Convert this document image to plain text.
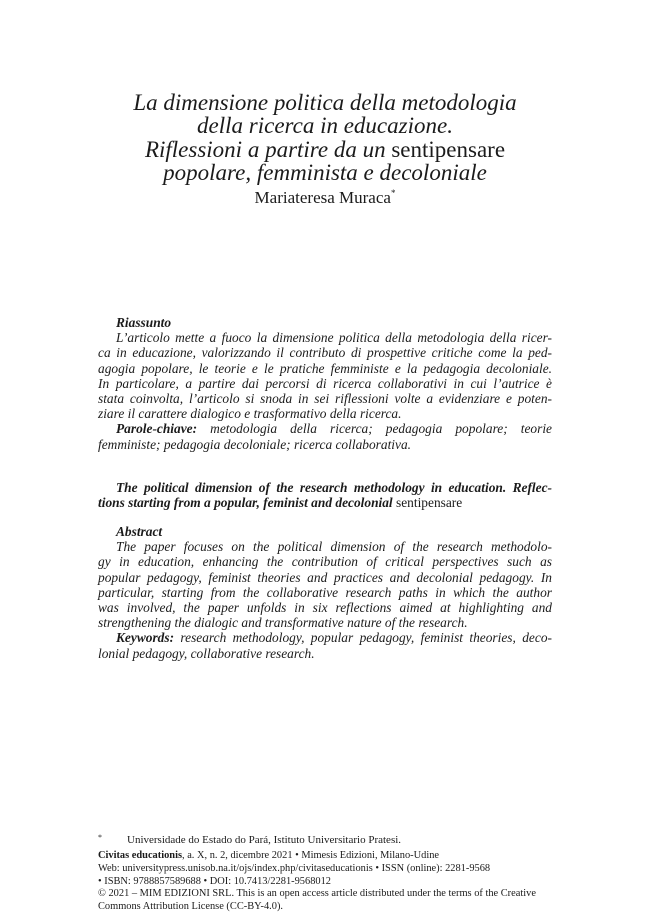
La dimensione politica della metodologia
della ricerca in educazione.
Riflessioni a partire da un sentipensare
popolare, femminista e decoloniale
Mariateresa Muraca*
Riassunto
L’articolo mette a fuoco la dimensione politica della metodologia della ricer-
ca in educazione, valorizzando il contributo di prospettive critiche come la ped-
agogia popolare, le teorie e le pratiche femministe e la pedagogia decoloniale.
In particolare, a partire dai percorsi di ricerca collaborativi in cui l’autrice è
stata coinvolta, l’articolo si snoda in sei riflessioni volte a evidenziare e poten-
ziare il carattere dialogico e trasformativo della ricerca.
Parole-chiave: metodologia della ricerca; pedagogia popolare; teorie
femministe; pedagogia decoloniale; ricerca collaborativa.
The political dimension of the research methodology in education. Reflec-
tions starting from a popular, feminist and decolonial sentipensare
Abstract
The paper focuses on the political dimension of the research methodolo-
gy in education, enhancing the contribution of critical perspectives such as
popular pedagogy, feminist theories and practices and decolonial pedagogy. In
particular, starting from the collaborative research paths in which the author
was involved, the paper unfolds in six reflections aimed at highlighting and
strengthening the dialogic and transformative nature of the research.
Keywords: research methodology, popular pedagogy, feminist theories, deco-
lonial pedagogy, collaborative research.
* Universidade do Estado do Pará, Istituto Universitario Pratesi.
Civitas educationis, a. X, n. 2, dicembre 2021 • Mimesis Edizioni, Milano-Udine
Web: universitypress.unisob.na.it/ojs/index.php/civitaseducationis • ISSN (online): 2281-9568
• ISBN: 9788857589688 • DOI: 10.7413/2281-9568012
© 2021 – MIM EDIZIONI SRL. This is an open access article distributed under the terms of the Creative
Commons Attribution License (CC-BY-4.0).
